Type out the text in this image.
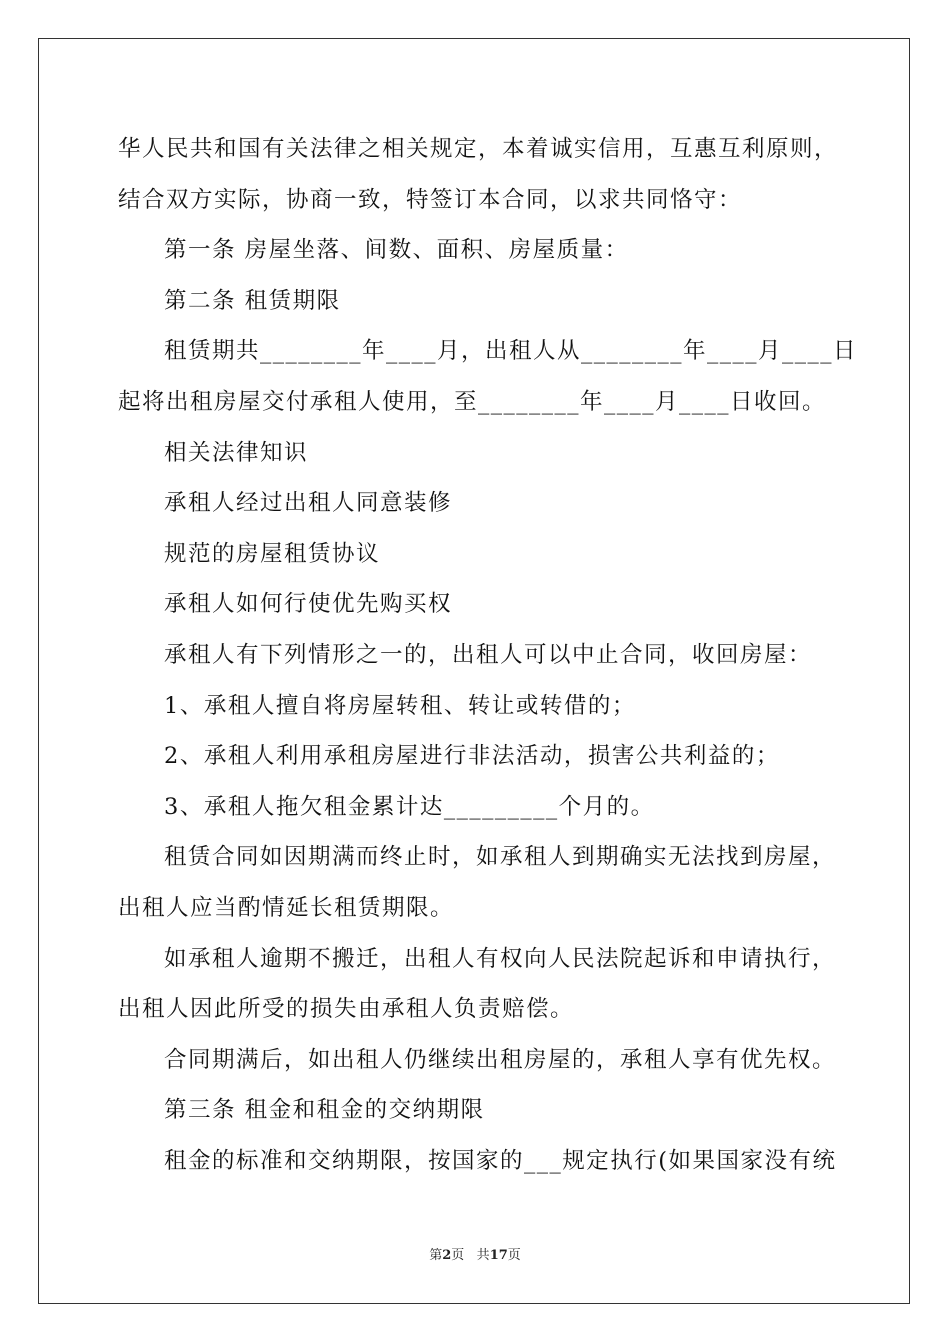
华人民共和国有关法律之相关规定，本着诚实信用，互惠互利原则，
结合双方实际，协商一致，特签订本合同，以求共同恪守：
第一条 房屋坐落、间数、面积、房屋质量：
第二条 租赁期限
租赁期共________年____月，出租人从________年____月____日
起将出租房屋交付承租人使用，至________年____月____日收回。
相关法律知识
承租人经过出租人同意装修
规范的房屋租赁协议
承租人如何行使优先购买权
承租人有下列情形之一的，出租人可以中止合同，收回房屋：
1、承租人擅自将房屋转租、转让或转借的；
2、承租人利用承租房屋进行非法活动，损害公共利益的；
3、承租人拖欠租金累计达_________个月的。
租赁合同如因期满而终止时，如承租人到期确实无法找到房屋，
出租人应当酌情延长租赁期限。
如承租人逾期不搬迁，出租人有权向人民法院起诉和申请执行，
出租人因此所受的损失由承租人负责赔偿。
合同期满后，如出租人仍继续出租房屋的，承租人享有优先权。
第三条 租金和租金的交纳期限
租金的标准和交纳期限，按国家的___规定执行(如果国家没有统
第2页 共17页
